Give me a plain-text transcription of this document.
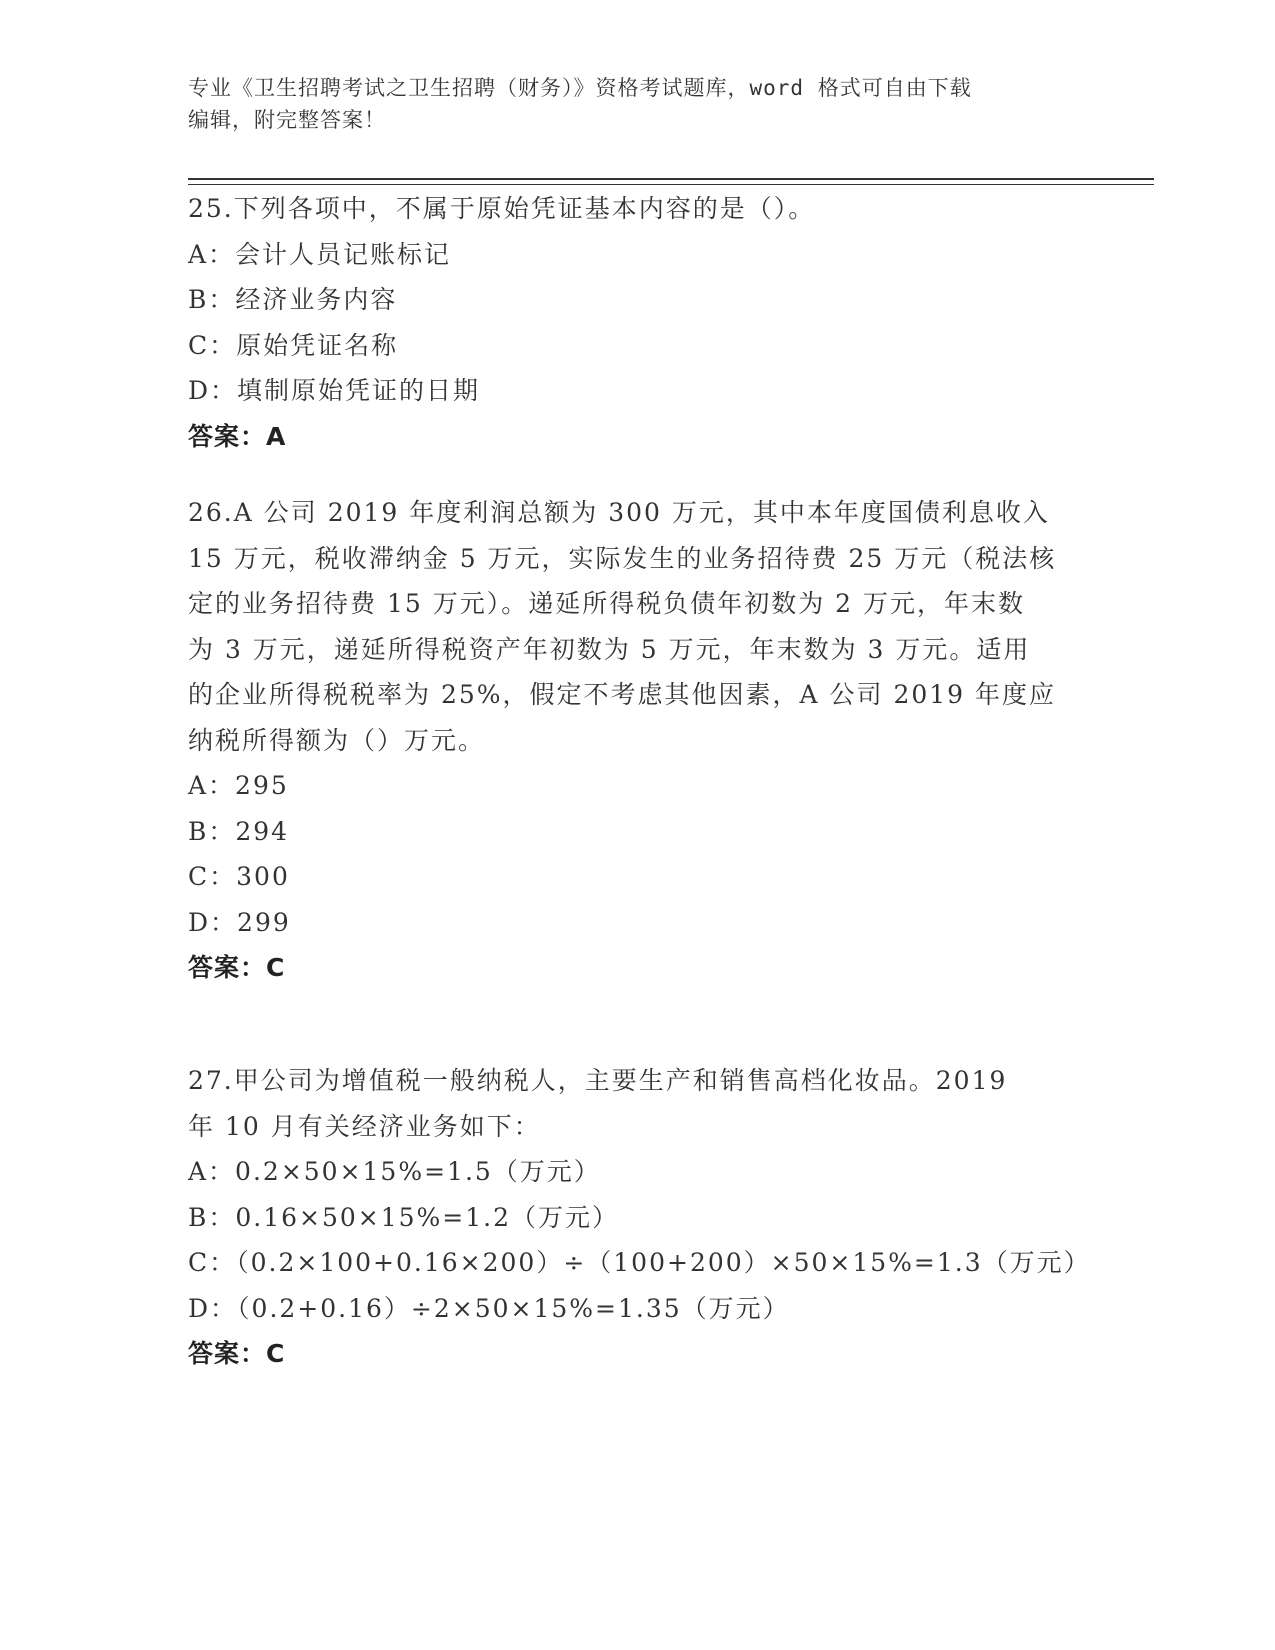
专业《卫生招聘考试之卫生招聘（财务）》资格考试题库，word 格式可自由下载
编辑，附完整答案！
25.下列各项中，不属于原始凭证基本内容的是（）。
A：会计人员记账标记
B：经济业务内容
C：原始凭证名称
D：填制原始凭证的日期
答案：A
26.A 公司 2019 年度利润总额为 300 万元，其中本年度国债利息收入
15 万元，税收滞纳金 5 万元，实际发生的业务招待费 25 万元（税法核
定的业务招待费 15 万元）。递延所得税负债年初数为 2 万元，年末数
为 3 万元，递延所得税资产年初数为 5 万元，年末数为 3 万元。适用
的企业所得税税率为 25%，假定不考虑其他因素，A 公司 2019 年度应
纳税所得额为（）万元。
A：295
B：294
C：300
D：299
答案：C
27.甲公司为增值税一般纳税人，主要生产和销售高档化妆品。2019
年 10 月有关经济业务如下：
A：0.2×50×15%=1.5（万元）
B：0.16×50×15%=1.2（万元）
C：（0.2×100+0.16×200）÷（100+200）×50×15%=1.3（万元）
D：（0.2+0.16）÷2×50×15%=1.35（万元）
答案：C
